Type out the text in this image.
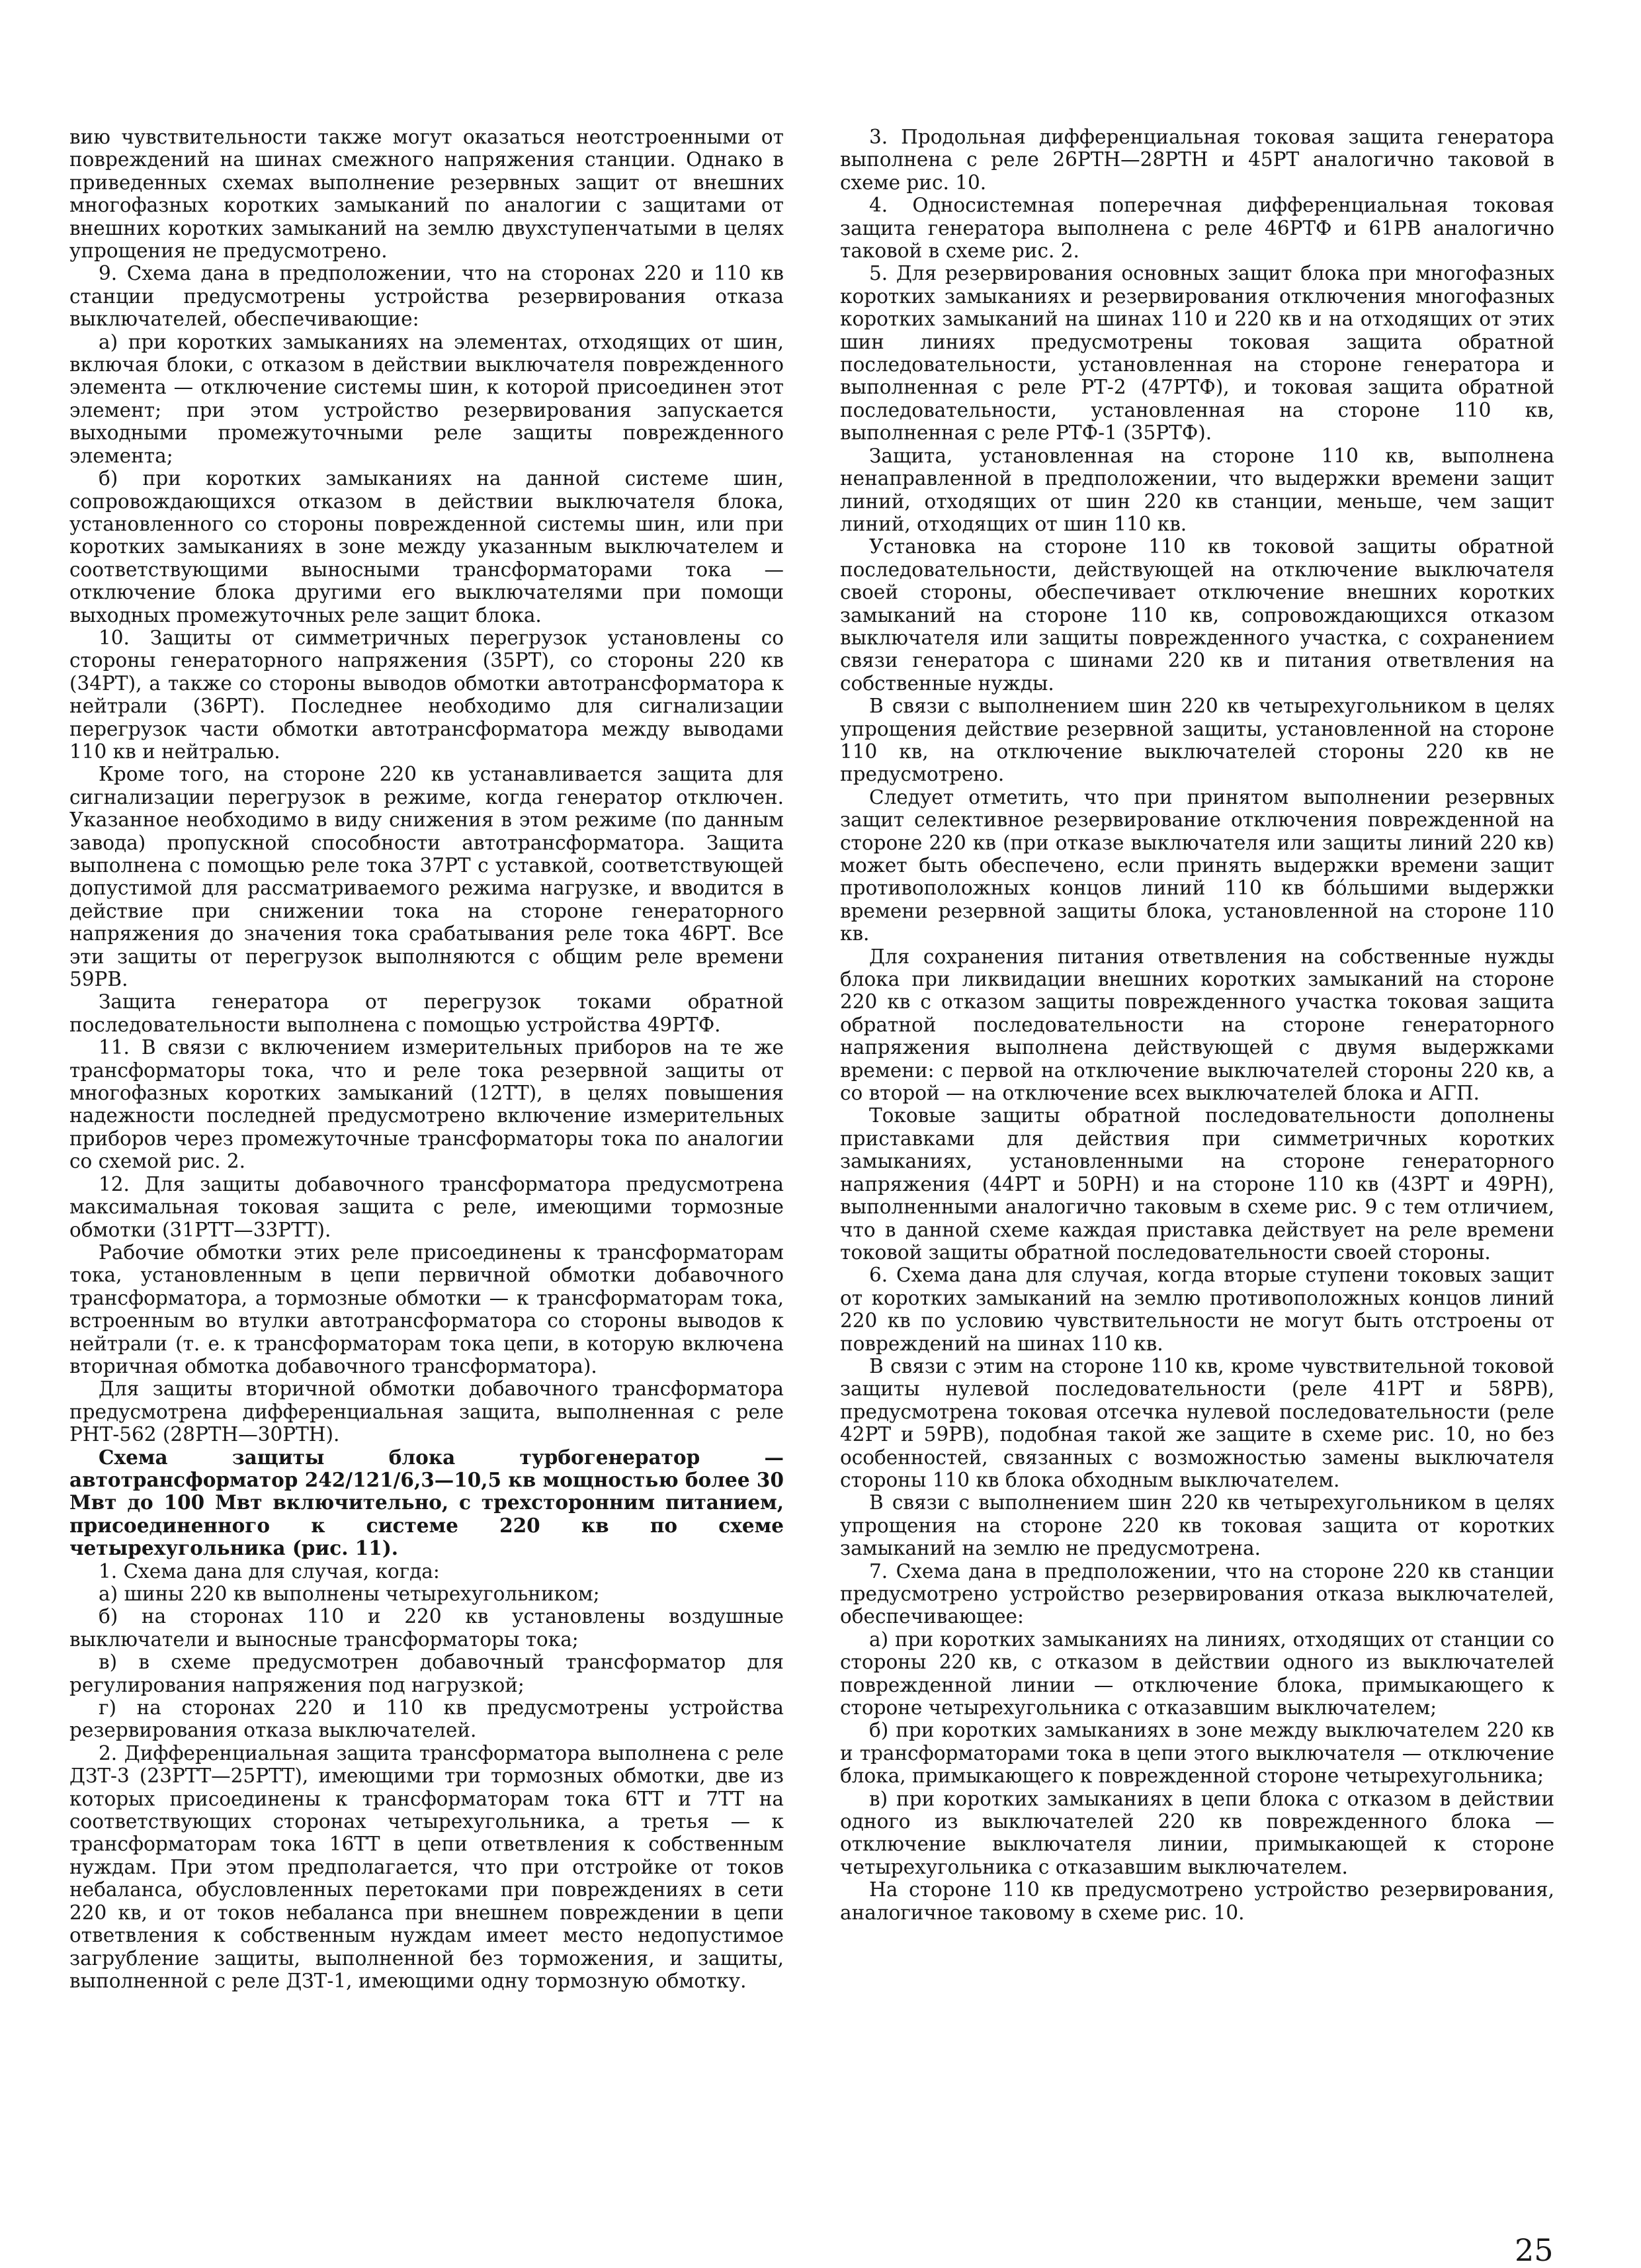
вию чувствительности также могут оказаться неотстроенными от повреждений на шинах смежного напряжения станции. Однако в приведенных схемах выполнение резервных защит от внешних многофазных коротких замыканий по аналогии с защитами от внешних коротких замыканий на землю двухступенчатыми в целях упрощения не предусмотрено.

9. Схема дана в предположении, что на сторонах 220 и 110 кв станции предусмотрены устройства резервирования отказа выключателей, обеспечивающие:

а) при коротких замыканиях на элементах, отходящих от шин, включая блоки, с отказом в действии выключателя поврежденного элемента — отключение системы шин, к которой присоединен этот элемент; при этом устройство резервирования запускается выходными промежуточными реле защиты поврежденного элемента;

б) при коротких замыканиях на данной системе шин, сопровождающихся отказом в действии выключателя блока, установленного со стороны поврежденной системы шин, или при коротких замыканиях в зоне между указанным выключателем и соответствующими выносными трансформаторами тока — отключение блока другими его выключателями при помощи выходных промежуточных реле защит блока.

10. Защиты от симметричных перегрузок установлены со стороны генераторного напряжения (35РТ), со стороны 220 кв (34РТ), а также со стороны выводов обмотки автотрансформатора к нейтрали (36РТ). Последнее необходимо для сигнализации перегрузок части обмотки автотрансформатора между выводами 110 кв и нейтралью.

Кроме того, на стороне 220 кв устанавливается защита для сигнализации перегрузок в режиме, когда генератор отключен. Указанное необходимо в виду снижения в этом режиме (по данным завода) пропускной способности автотрансформатора. Защита выполнена с помощью реле тока 37РТ с уставкой, соответствующей допустимой для рассматриваемого режима нагрузке, и вводится в действие при снижении тока на стороне генераторного напряжения до значения тока срабатывания реле тока 46РТ. Все эти защиты от перегрузок выполняются с общим реле времени 59РВ.

Защита генератора от перегрузок токами обратной последовательности выполнена с помощью устройства 49РТФ.

11. В связи с включением измерительных приборов на те же трансформаторы тока, что и реле тока резервной защиты от многофазных коротких замыканий (12ТТ), в целях повышения надежности последней предусмотрено включение измерительных приборов через промежуточные трансформаторы тока по аналогии со схемой рис. 2.

12. Для защиты добавочного трансформатора предусмотрена максимальная токовая защита с реле, имеющими тормозные обмотки (31РТТ—33РТТ).

Рабочие обмотки этих реле присоединены к трансформаторам тока, установленным в цепи первичной обмотки добавочного трансформатора, а тормозные обмотки — к трансформаторам тока, встроенным во втулки автотрансформатора со стороны выводов к нейтрали (т. е. к трансформаторам тока цепи, в которую включена вторичная обмотка добавочного трансформатора).

Для защиты вторичной обмотки добавочного трансформатора предусмотрена дифференциальная защита, выполненная с реле РНТ-562 (28РТН—30РТН).

Схема защиты блока турбогенератор — автотрансформатор 242/121/6,3—10,5 кв мощностью более 30 Мвт до 100 Мвт включительно, с трехсторонним питанием, присоединенного к системе 220 кв по схеме четырехугольника (рис. 11).

1. Схема дана для случая, когда:

а) шины 220 кв выполнены четырехугольником;

б) на сторонах 110 и 220 кв установлены воздушные выключатели и выносные трансформаторы тока;

в) в схеме предусмотрен добавочный трансформатор для регулирования напряжения под нагрузкой;

г) на сторонах 220 и 110 кв предусмотрены устройства резервирования отказа выключателей.

2. Дифференциальная защита трансформатора выполнена с реле ДЗТ-3 (23РТТ—25РТТ), имеющими три тормозных обмотки, две из которых присоединены к трансформаторам тока 6ТТ и 7ТТ на соответствующих сторонах четырехугольника, а третья — к трансформаторам тока 16ТТ в цепи ответвления к собственным нуждам. При этом предполагается, что при отстройке от токов небаланса, обусловленных перетоками при повреждениях в сети 220 кв, и от токов небаланса при внешнем повреждении в цепи ответвления к собственным нуждам имеет место недопустимое загрубление защиты, выполненной без торможения, и защиты, выполненной с реле ДЗТ-1, имеющими одну тормозную обмотку.

3. Продольная дифференциальная токовая защита генератора выполнена с реле 26РТН—28РТН и 45РТ аналогично таковой в схеме рис. 10.

4. Односистемная поперечная дифференциальная токовая защита генератора выполнена с реле 46РТФ и 61РВ аналогично таковой в схеме рис. 2.

5. Для резервирования основных защит блока при многофазных коротких замыканиях и резервирования отключения многофазных коротких замыканий на шинах 110 и 220 кв и на отходящих от этих шин линиях предусмотрены токовая защита обратной последовательности, установленная на стороне генератора и выполненная с реле РТ-2 (47РТФ), и токовая защита обратной последовательности, установленная на стороне 110 кв, выполненная с реле РТФ-1 (35РТФ).

Защита, установленная на стороне 110 кв, выполнена ненаправленной в предположении, что выдержки времени защит линий, отходящих от шин 220 кв станции, меньше, чем защит линий, отходящих от шин 110 кв.

Установка на стороне 110 кв токовой защиты обратной последовательности, действующей на отключение выключателя своей стороны, обеспечивает отключение внешних коротких замыканий на стороне 110 кв, сопровождающихся отказом выключателя или защиты поврежденного участка, с сохранением связи генератора с шинами 220 кв и питания ответвления на собственные нужды.

В связи с выполнением шин 220 кв четырехугольником в целях упрощения действие резервной защиты, установленной на стороне 110 кв, на отключение выключателей стороны 220 кв не предусмотрено.

Следует отметить, что при принятом выполнении резервных защит селективное резервирование отключения поврежденной на стороне 220 кв (при отказе выключателя или защиты линий 220 кв) может быть обеспечено, если принять выдержки времени защит противоположных концов линий 110 кв бо́льшими выдержки времени резервной защиты блока, установленной на стороне 110 кв.

Для сохранения питания ответвления на собственные нужды блока при ликвидации внешних коротких замыканий на стороне 220 кв с отказом защиты поврежденного участка токовая защита обратной последовательности на стороне генераторного напряжения выполнена действующей с двумя выдержками времени: с первой на отключение выключателей стороны 220 кв, а со второй — на отключение всех выключателей блока и АГП.

Токовые защиты обратной последовательности дополнены приставками для действия при симметричных коротких замыканиях, установленными на стороне генераторного напряжения (44РТ и 50РН) и на стороне 110 кв (43РТ и 49РН), выполненными аналогично таковым в схеме рис. 9 с тем отличием, что в данной схеме каждая приставка действует на реле времени токовой защиты обратной последовательности своей стороны.

6. Схема дана для случая, когда вторые ступени токовых защит от коротких замыканий на землю противоположных концов линий 220 кв по условию чувствительности не могут быть отстроены от повреждений на шинах 110 кв.

В связи с этим на стороне 110 кв, кроме чувствительной токовой защиты нулевой последовательности (реле 41РТ и 58РВ), предусмотрена токовая отсечка нулевой последовательности (реле 42РТ и 59РВ), подобная такой же защите в схеме рис. 10, но без особенностей, связанных с возможностью замены выключателя стороны 110 кв блока обходным выключателем.

В связи с выполнением шин 220 кв четырехугольником в целях упрощения на стороне 220 кв токовая защита от коротких замыканий на землю не предусмотрена.

7. Схема дана в предположении, что на стороне 220 кв станции предусмотрено устройство резервирования отказа выключателей, обеспечивающее:

а) при коротких замыканиях на линиях, отходящих от станции со стороны 220 кв, с отказом в действии одного из выключателей поврежденной линии — отключение блока, примыкающего к стороне четырехугольника с отказавшим выключателем;

б) при коротких замыканиях в зоне между выключателем 220 кв и трансформаторами тока в цепи этого выключателя — отключение блока, примыкающего к поврежденной стороне четырехугольника;

в) при коротких замыканиях в цепи блока с отказом в действии одного из выключателей 220 кв поврежденного блока — отключение выключателя линии, примыкающей к стороне четырехугольника с отказавшим выключателем.

На стороне 110 кв предусмотрено устройство резервирования, аналогичное таковому в схеме рис. 10.

25
